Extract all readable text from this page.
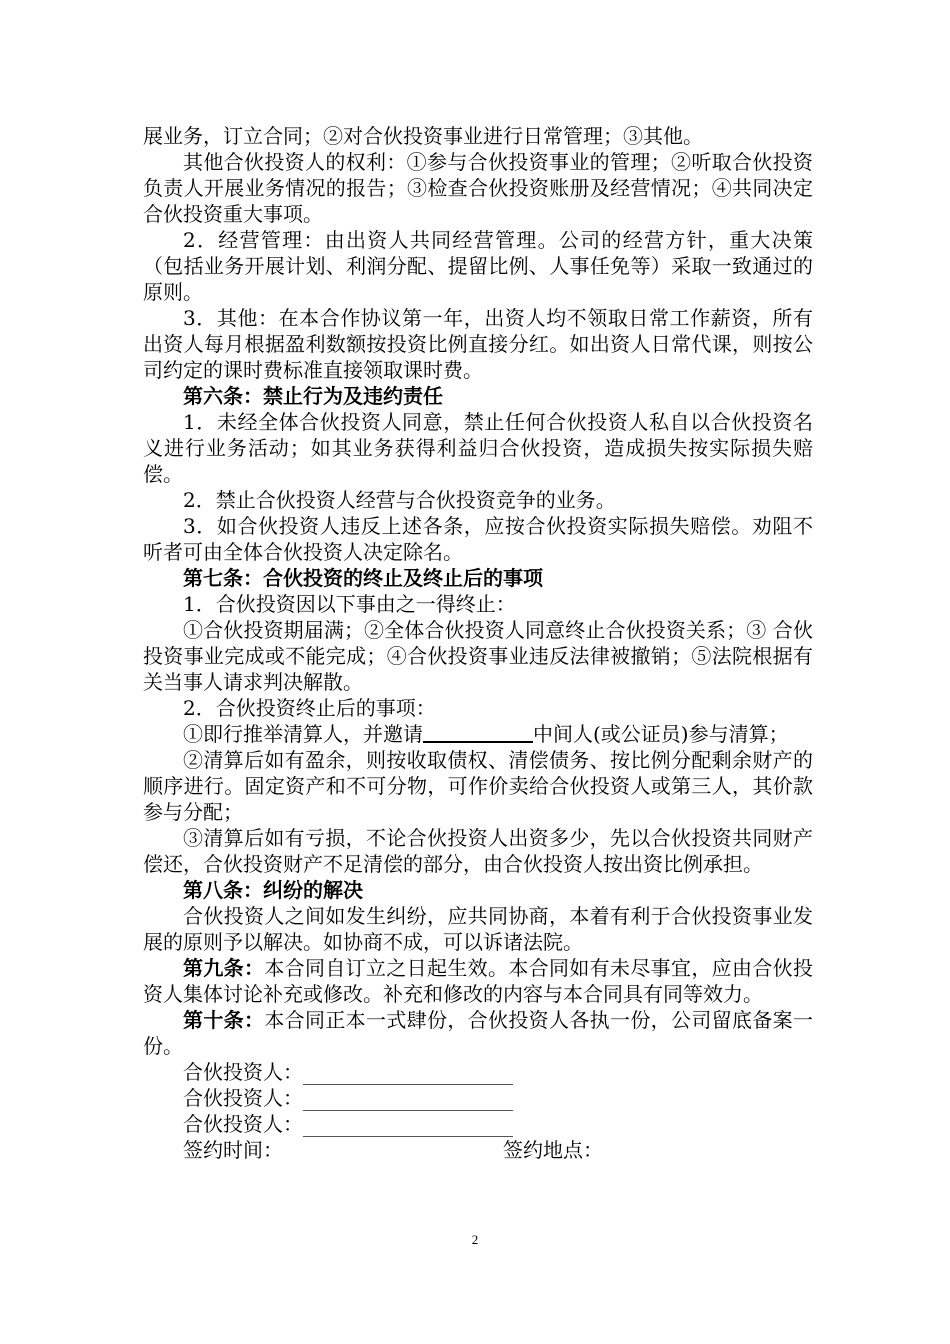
展业务，订立合同；②对合伙投资事业进行日常管理；③其他。

其他合伙投资人的权利：①参与合伙投资事业的管理；②听取合伙投资负责人开展业务情况的报告；③检查合伙投资账册及经营情况；④共同决定合伙投资重大事项。

2．经营管理：由出资人共同经营管理。公司的经营方针，重大决策（包括业务开展计划、利润分配、提留比例、人事任免等）采取一致通过的原则。

3．其他：在本合作协议第一年，出资人均不领取日常工作薪资，所有出资人每月根据盈利数额按投资比例直接分红。如出资人日常代课，则按公司约定的课时费标准直接领取课时费。

第六条：禁止行为及违约责任

1．未经全体合伙投资人同意，禁止任何合伙投资人私自以合伙投资名义进行业务活动；如其业务获得利益归合伙投资，造成损失按实际损失赔偿。

2．禁止合伙投资人经营与合伙投资竞争的业务。

3．如合伙投资人违反上述各条，应按合伙投资实际损失赔偿。劝阻不听者可由全体合伙投资人决定除名。

第七条：合伙投资的终止及终止后的事项

1．合伙投资因以下事由之一得终止：

①合伙投资期届满；②全体合伙投资人同意终止合伙投资关系；③ 合伙投资事业完成或不能完成；④合伙投资事业违反法律被撤销；⑤法院根据有关当事人请求判决解散。

2．合伙投资终止后的事项：

①即行推举清算人，并邀请	中间人(或公证员)参与清算；

②清算后如有盈余，则按收取债权、清偿债务、按比例分配剩余财产的顺序进行。固定资产和不可分物，可作价卖给合伙投资人或第三人，其价款参与分配；

③清算后如有亏损，不论合伙投资人出资多少，先以合伙投资共同财产偿还，合伙投资财产不足清偿的部分，由合伙投资人按出资比例承担。

第八条：纠纷的解决

合伙投资人之间如发生纠纷，应共同协商，本着有利于合伙投资事业发展的原则予以解决。如协商不成，可以诉诸法院。

第九条：本合同自订立之日起生效。本合同如有未尽事宜，应由合伙投资人集体讨论补充或修改。补充和修改的内容与本合同具有同等效力。

第十条：本合同正本一式肆份，合伙投资人各执一份，公司留底备案一份。

合伙投资人：
合伙投资人：
合伙投资人：
签约时间：	签约地点：
2
